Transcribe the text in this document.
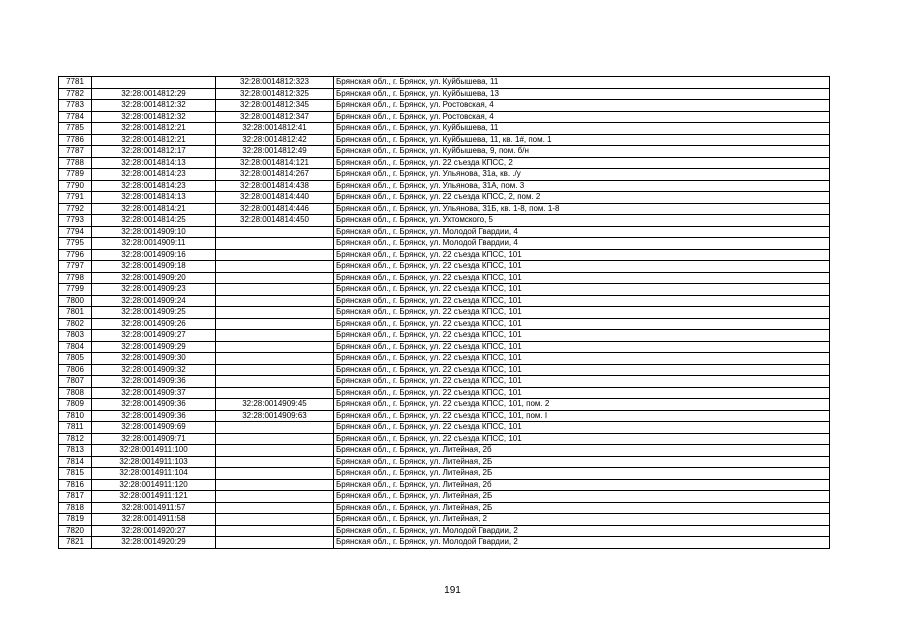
7781		32:28:0014812:323	Брянская обл., г. Брянск, ул. Куйбышева, 11
7782	32:28:0014812:29	32:28:0014812:325	Брянская обл., г. Брянск, ул. Куйбышева, 13
7783	32:28:0014812:32	32:28:0014812:345	Брянская обл., г. Брянск, ул. Ростовская, 4
7784	32:28:0014812:32	32:28:0014812:347	Брянская обл., г. Брянск, ул. Ростовская, 4
7785	32:28:0014812:21	32:28:0014812:41	Брянская обл., г. Брянск, ул. Куйбышева, 11
7786	32:28:0014812:21	32:28:0014812:42	Брянская обл., г. Брянск, ул. Куйбышева, 11, кв. 1#, пом. 1
7787	32:28:0014812:17	32:28:0014812:49	Брянская обл., г. Брянск, ул. Куйбышева, 9, пом. б/н
7788	32:28:0014814:13	32:28:0014814:121	Брянская обл., г. Брянск, ул. 22 съезда КПСС, 2
7789	32:28:0014814:23	32:28:0014814:267	Брянская обл., г. Брянск, ул. Ульянова, 31а, кв. ./у
7790	32:28:0014814:23	32:28:0014814:438	Брянская обл., г. Брянск, ул. Ульянова, 31А, пом. 3
7791	32:28:0014814:13	32:28:0014814:440	Брянская обл., г. Брянск, ул. 22 съезда КПСС, 2, пом. 2
7792	32:28:0014814:21	32:28:0014814:446	Брянская обл., г. Брянск, ул. Ульянова, 31Б, кв. 1-8, пом. 1-8
7793	32:28:0014814:25	32:28:0014814:450	Брянская обл., г. Брянск, ул. Ухтомского, 5
7794	32:28:0014909:10		Брянская обл., г. Брянск, ул. Молодой Гвардии, 4
7795	32:28:0014909:11		Брянская обл., г. Брянск, ул. Молодой Гвардии, 4
7796	32:28:0014909:16		Брянская обл., г. Брянск, ул. 22 съезда КПСС, 101
7797	32:28:0014909:18		Брянская обл., г. Брянск, ул. 22 съезда КПСС, 101
7798	32:28:0014909:20		Брянская обл., г. Брянск, ул. 22 съезда КПСС, 101
7799	32:28:0014909:23		Брянская обл., г. Брянск, ул. 22 съезда КПСС, 101
7800	32:28:0014909:24		Брянская обл., г. Брянск, ул. 22 съезда КПСС, 101
7801	32:28:0014909:25		Брянская обл., г. Брянск, ул. 22 съезда КПСС, 101
7802	32:28:0014909:26		Брянская обл., г. Брянск, ул. 22 съезда КПСС, 101
7803	32:28:0014909:27		Брянская обл., г. Брянск, ул. 22 съезда КПСС, 101
7804	32:28:0014909:29		Брянская обл., г. Брянск, ул. 22 съезда КПСС, 101
7805	32:28:0014909:30		Брянская обл., г. Брянск, ул. 22 съезда КПСС, 101
7806	32:28:0014909:32		Брянская обл., г. Брянск, ул. 22 съезда КПСС, 101
7807	32:28:0014909:36		Брянская обл., г. Брянск, ул. 22 съезда КПСС, 101
7808	32:28:0014909:37		Брянская обл., г. Брянск, ул. 22 съезда КПСС, 101
7809	32:28:0014909:36	32:28:0014909:45	Брянская обл., г. Брянск, ул. 22 съезда КПСС, 101, пом. 2
7810	32:28:0014909:36	32:28:0014909:63	Брянская обл., г. Брянск, ул. 22 съезда КПСС, 101, пом. I
7811	32:28:0014909:69		Брянская обл., г. Брянск, ул. 22 съезда КПСС, 101
7812	32:28:0014909:71		Брянская обл., г. Брянск, ул. 22 съезда КПСС, 101
7813	32:28:0014911:100		Брянская обл., г. Брянск, ул. Литейная, 2б
7814	32:28:0014911:103		Брянская обл., г. Брянск, ул. Литейная, 2Б
7815	32:28:0014911:104		Брянская обл., г. Брянск, ул. Литейная, 2Б
7816	32:28:0014911:120		Брянская обл., г. Брянск, ул. Литейная, 2б
7817	32:28:0014911:121		Брянская обл., г. Брянск, ул. Литейная, 2Б
7818	32:28:0014911:57		Брянская обл., г. Брянск, ул. Литейная, 2Б
7819	32:28:0014911:58		Брянская обл., г. Брянск, ул. Литейная, 2
7820	32:28:0014920:27		Брянская обл., г. Брянск, ул. Молодой Гвардии, 2
7821	32:28:0014920:29		Брянская обл., г. Брянск, ул. Молодой Гвардии, 2
191
